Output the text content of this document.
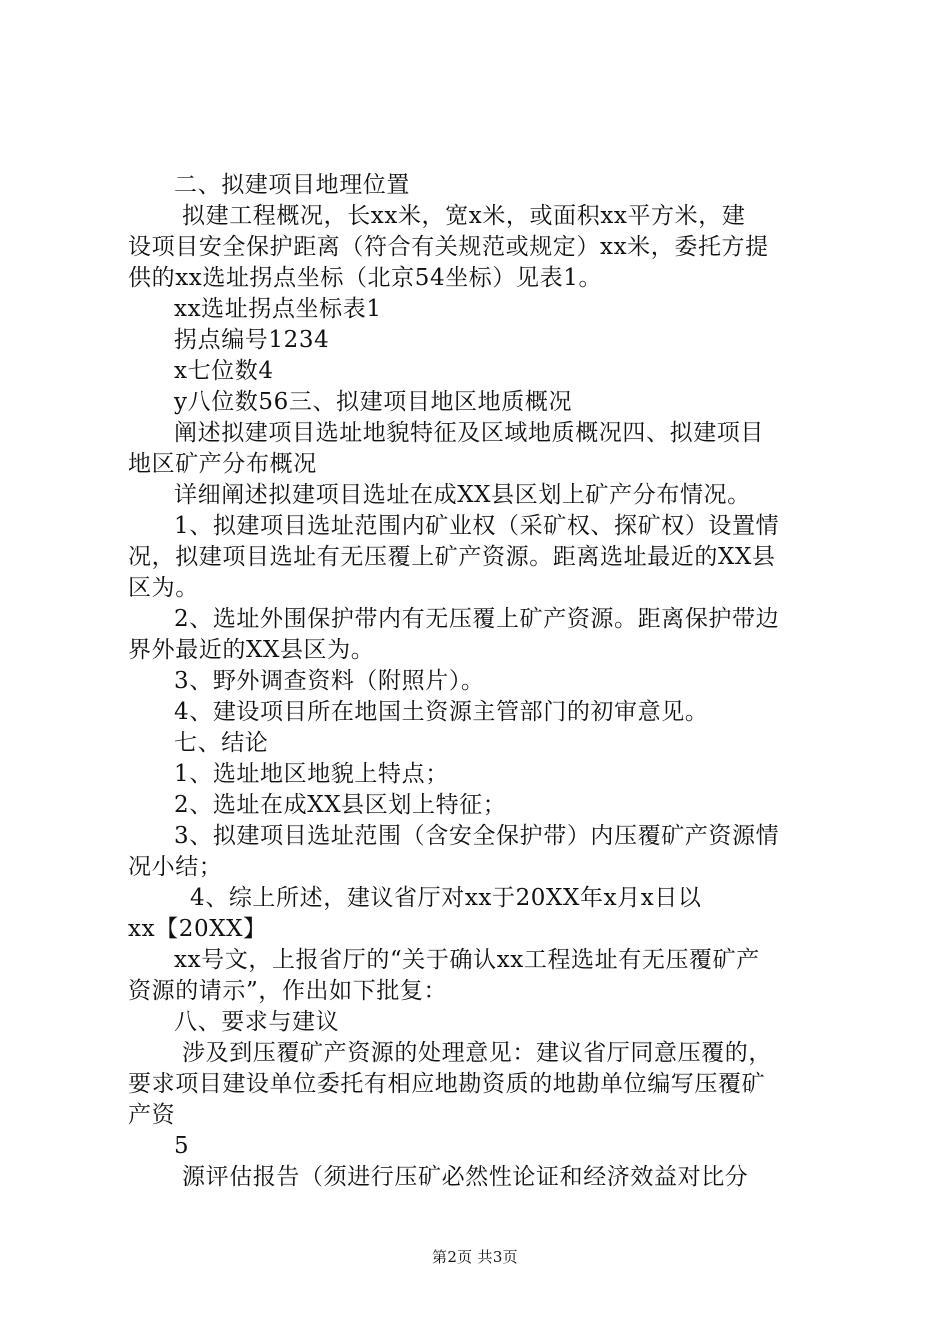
二、拟建项目地理位置
拟建工程概况，长xx米，宽x米，或面积xx平方米，建
设项目安全保护距离（符合有关规范或规定）xx米，委托方提
供的xx选址拐点坐标（北京54坐标）见表1。
xx选址拐点坐标表1
拐点编号1234
x七位数4
y八位数56三、拟建项目地区地质概况
阐述拟建项目选址地貌特征及区域地质概况四、拟建项目
地区矿产分布概况
详细阐述拟建项目选址在成XX县区划上矿产分布情况。
1、拟建项目选址范围内矿业权（采矿权、探矿权）设置情
况，拟建项目选址有无压覆上矿产资源。距离选址最近的XX县
区为。
2、选址外围保护带内有无压覆上矿产资源。距离保护带边
界外最近的XX县区为。
3、野外调查资料（附照片）。
4、建设项目所在地国土资源主管部门的初审意见。
七、结论
1、选址地区地貌上特点；
2、选址在成XX县区划上特征；
3、拟建项目选址范围（含安全保护带）内压覆矿产资源情
况小结；
4、综上所述，建议省厅对xx于20XX年x月x日以
xx【20XX】
xx号文，上报省厅的“关于确认xx工程选址有无压覆矿产
资源的请示”，作出如下批复：
八、要求与建议
涉及到压覆矿产资源的处理意见：建议省厅同意压覆的，
要求项目建设单位委托有相应地勘资质的地勘单位编写压覆矿
产资
5
源评估报告（须进行压矿必然性论证和经济效益对比分
第2页 共3页
